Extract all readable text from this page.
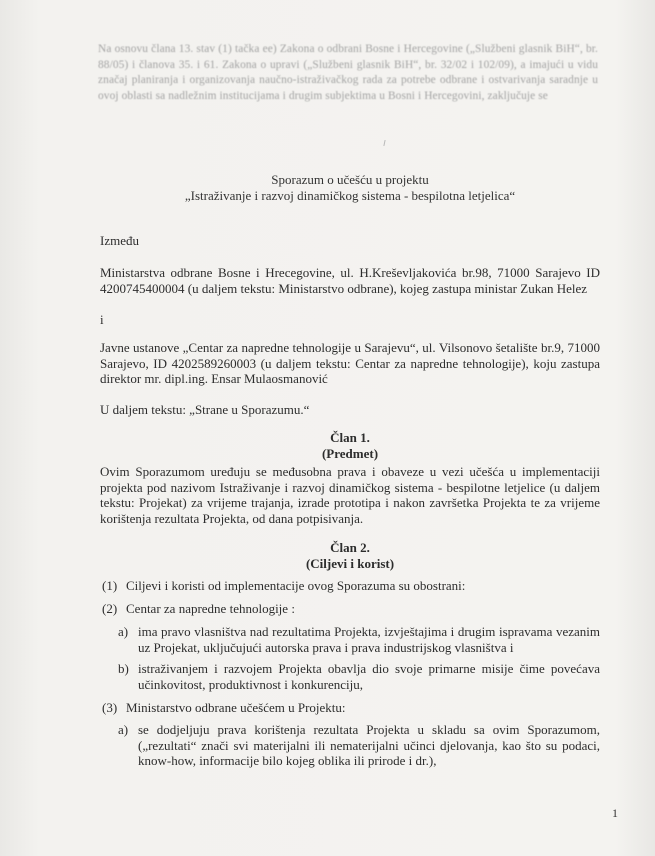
Na osnovu člana 13. stav (1) tačka ee) Zakona o odbrani Bosne i Hercegovine („Službeni glasnik BiH“, br. 88/05) i članova 35. i 61. Zakona o upravi („Službeni glasnik BiH“, br. 32/02 i 102/09), a imajući u vidu značaj planiranja i organizovanja naučno-istraživačkog rada za potrebe odbrane i ostvarivanja saradnje u ovoj oblasti sa nadležnim institucijama i drugim subjektima u Bosni i Hercegovini, zaključuje se
Sporazum o učešću u projektu
„Istraživanje i razvoj dinamičkog sistema - bespilotna letjelica“
Između
Ministarstva odbrane Bosne i Hrecegovine, ul. H.Kreševljakovića br.98, 71000 Sarajevo ID 4200745400004 (u daljem tekstu: Ministarstvo odbrane), kojeg zastupa ministar Zukan Helez
i
Javne ustanove „Centar za napredne tehnologije u Sarajevu“, ul. Vilsonovo šetalište br.9, 71000 Sarajevo, ID 4202589260003 (u daljem tekstu: Centar za napredne tehnologije), koju zastupa direktor mr. dipl.ing. Ensar Mulaosmanović
U daljem tekstu: „Strane u Sporazumu.“
Član 1.
(Predmet)
Ovim Sporazumom uređuju se međusobna prava i obaveze u vezi učešća u implementaciji projekta pod nazivom Istraživanje i razvoj dinamičkog sistema - bespilotne letjelice (u daljem tekstu: Projekat) za vrijeme trajanja, izrade prototipa i nakon završetka Projekta te za vrijeme korištenja rezultata Projekta, od dana potpisivanja.
Član 2.
(Ciljevi i korist)
(1) Ciljevi i koristi od implementacije ovog Sporazuma su obostrani:
(2) Centar za napredne tehnologije :
a) ima pravo vlasništva nad rezultatima Projekta, izvještajima i drugim ispravama vezanim uz Projekat, uključujući autorska prava i prava industrijskog vlasništva i
b) istraživanjem i razvojem Projekta obavlja dio svoje primarne misije čime povećava učinkovitost, produktivnost i konkurenciju,
(3) Ministarstvo odbrane učešćem u Projektu:
a) se dodjeljuju prava korištenja rezultata Projekta u skladu sa ovim Sporazumom, („rezultati“ znači svi materijalni ili nematerijalni učinci djelovanja, kao što su podaci, know-how, informacije bilo kojeg oblika ili prirode i dr.),
1
